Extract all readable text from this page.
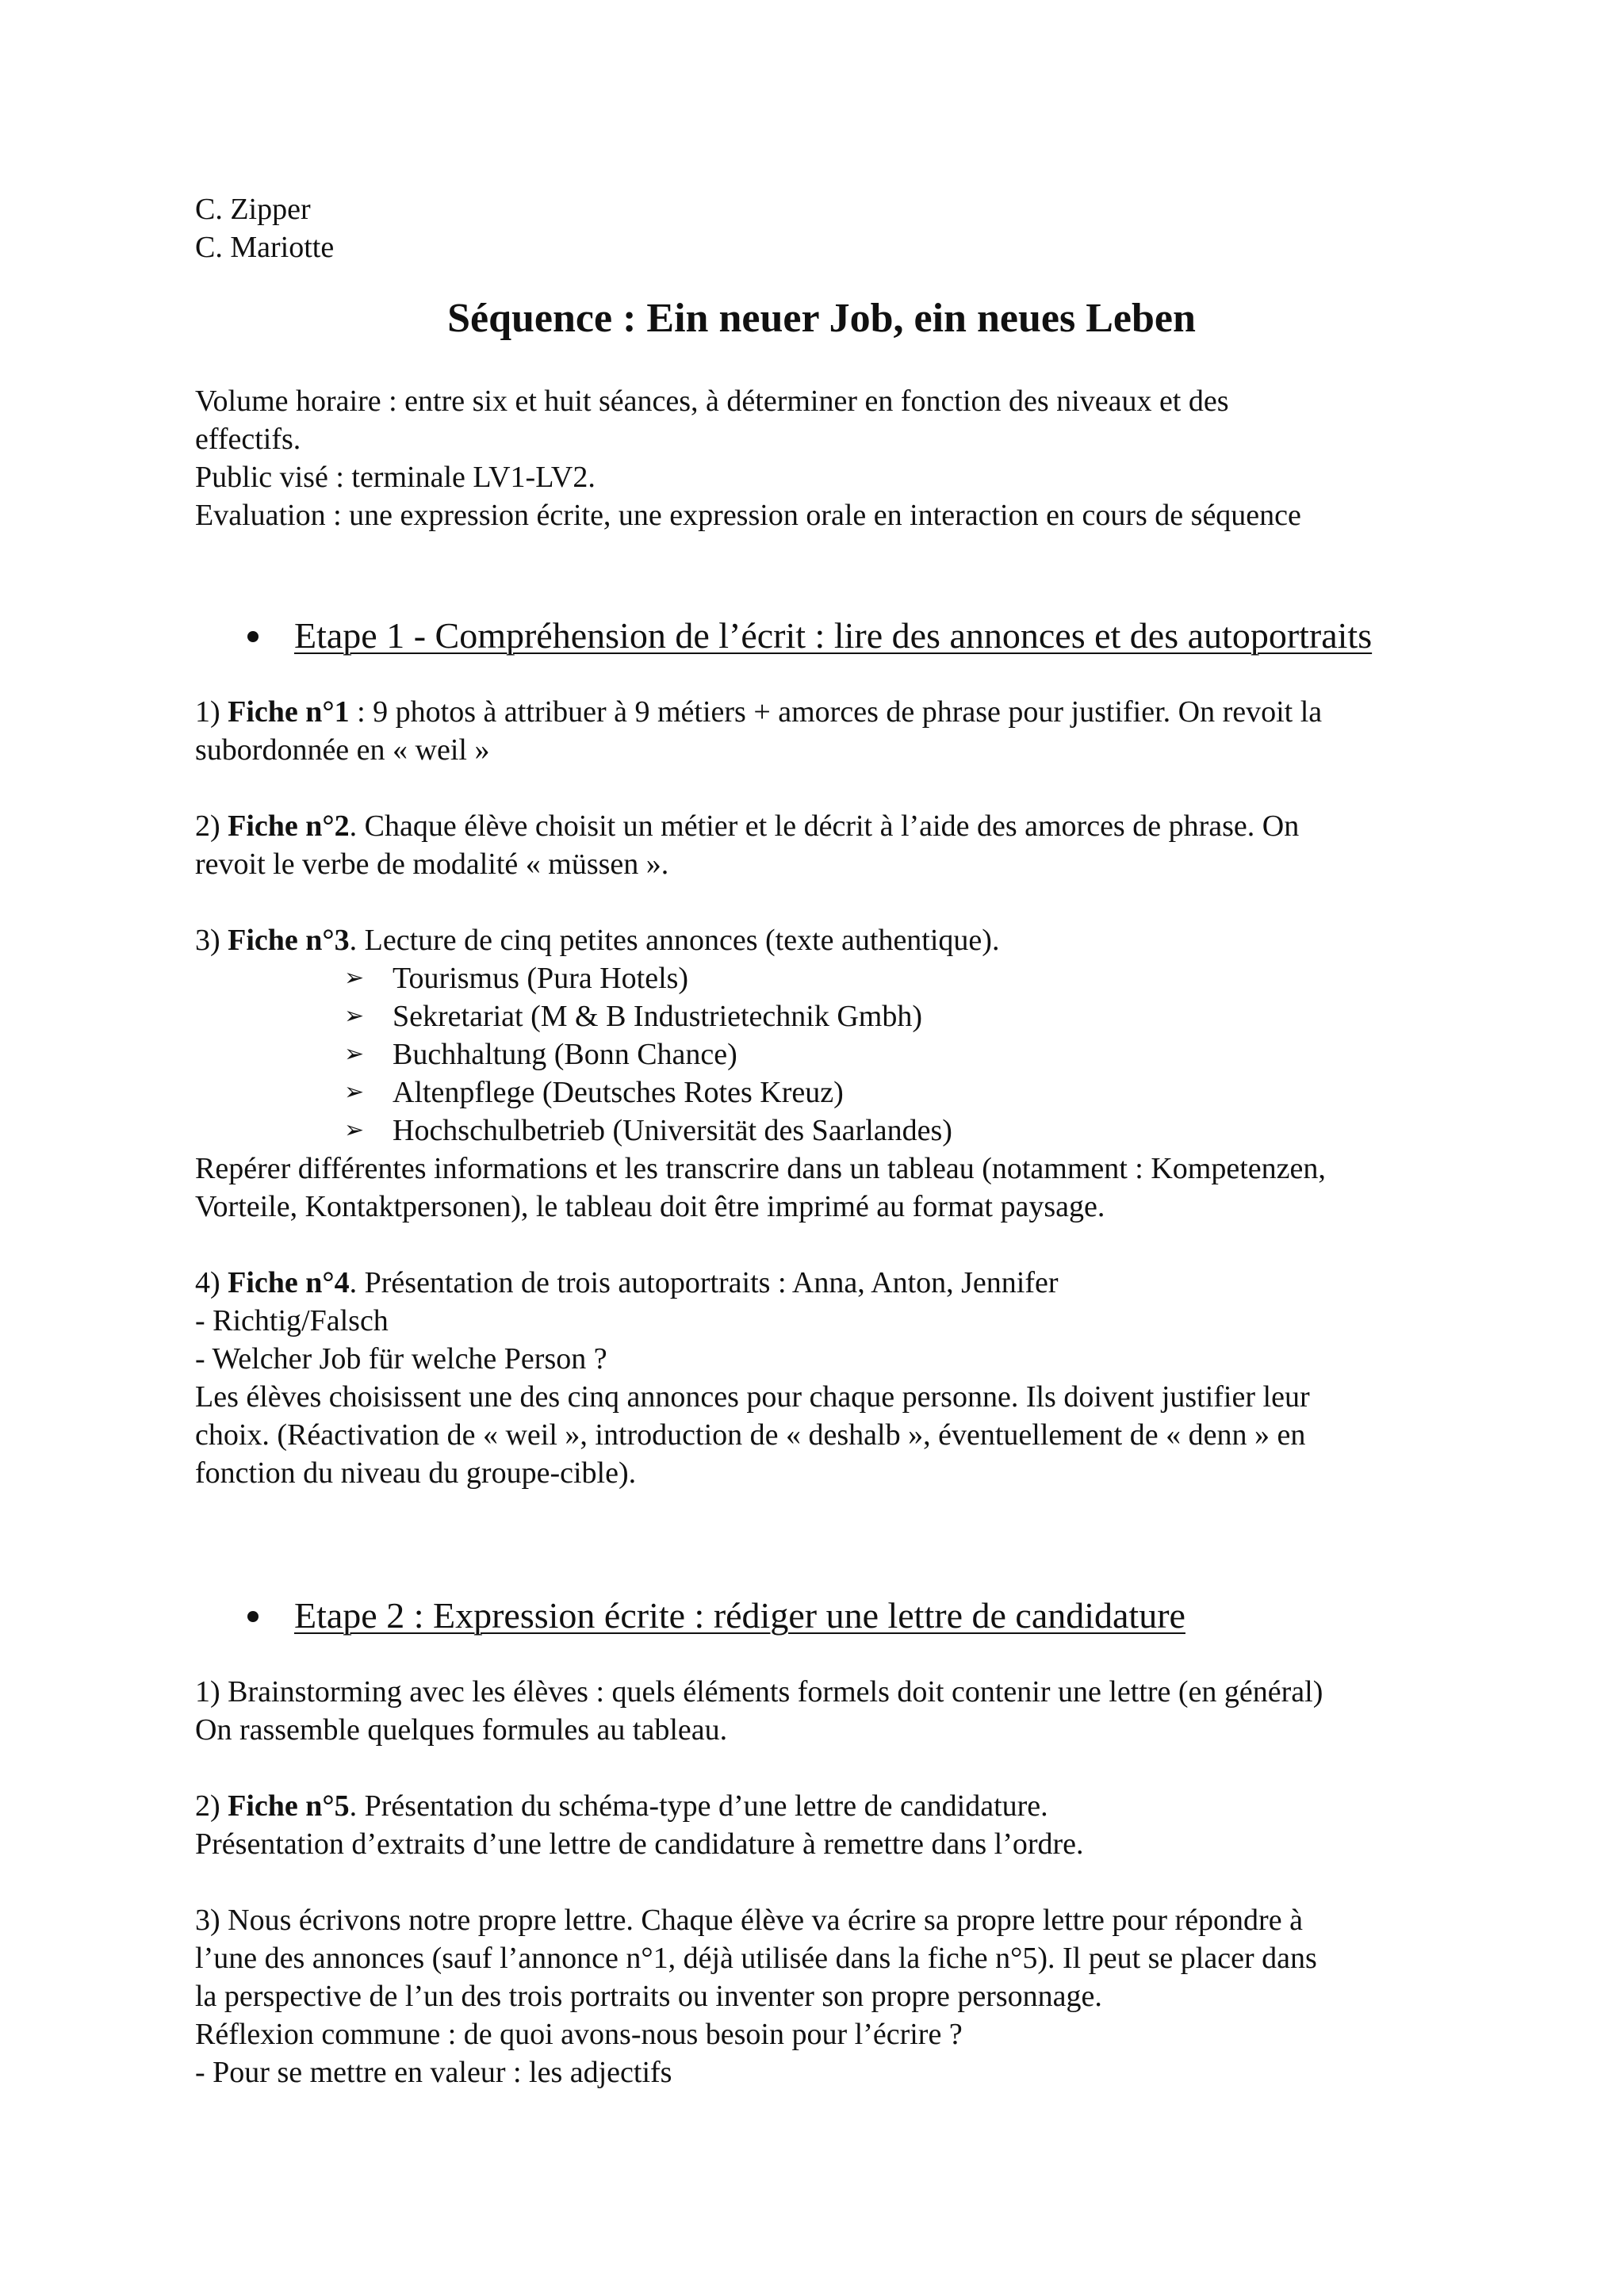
C. Zipper
C. Mariotte
Séquence : Ein neuer Job, ein neues Leben
Volume horaire : entre six et huit séances, à déterminer en fonction des niveaux et des
effectifs.
Public visé : terminale LV1-LV2.
Evaluation : une expression écrite, une expression orale en interaction en cours de séquence
Etape 1 - Compréhension de l’écrit : lire des annonces et des autoportraits
1) Fiche n°1 : 9 photos à attribuer à 9 métiers + amorces de phrase pour justifier. On revoit la
subordonnée en « weil »
2) Fiche n°2. Chaque élève choisit un métier et le décrit à l’aide des amorces de phrase. On
revoit le verbe de modalité « müssen ».
3) Fiche n°3. Lecture de cinq petites annonces (texte authentique).
➢ Tourismus (Pura Hotels)
➢ Sekretariat (M & B Industrietechnik Gmbh)
➢ Buchhaltung (Bonn Chance)
➢ Altenpflege (Deutsches Rotes Kreuz)
➢ Hochschulbetrieb (Universität des Saarlandes)
Repérer différentes informations et les transcrire dans un tableau (notamment : Kompetenzen,
Vorteile, Kontaktpersonen), le tableau doit être imprimé au format paysage.
4) Fiche n°4. Présentation de trois autoportraits : Anna, Anton, Jennifer
- Richtig/Falsch
- Welcher Job für welche Person ?
Les élèves choisissent une des cinq annonces pour chaque personne. Ils doivent justifier leur
choix. (Réactivation de « weil », introduction de « deshalb », éventuellement de « denn » en
fonction du niveau du groupe-cible).
Etape 2 : Expression écrite : rédiger une lettre de candidature
1) Brainstorming avec les élèves : quels éléments formels doit contenir une lettre (en général)
On rassemble quelques formules au tableau.
2) Fiche n°5. Présentation du schéma-type d’une lettre de candidature.
Présentation d’extraits d’une lettre de candidature à remettre dans l’ordre.
3) Nous écrivons notre propre lettre. Chaque élève va écrire sa propre lettre pour répondre à
l’une des annonces (sauf l’annonce n°1, déjà utilisée dans la fiche n°5). Il peut se placer dans
la perspective de l’un des trois portraits ou inventer son propre personnage.
Réflexion commune : de quoi avons-nous besoin pour l’écrire ?
- Pour se mettre en valeur : les adjectifs
